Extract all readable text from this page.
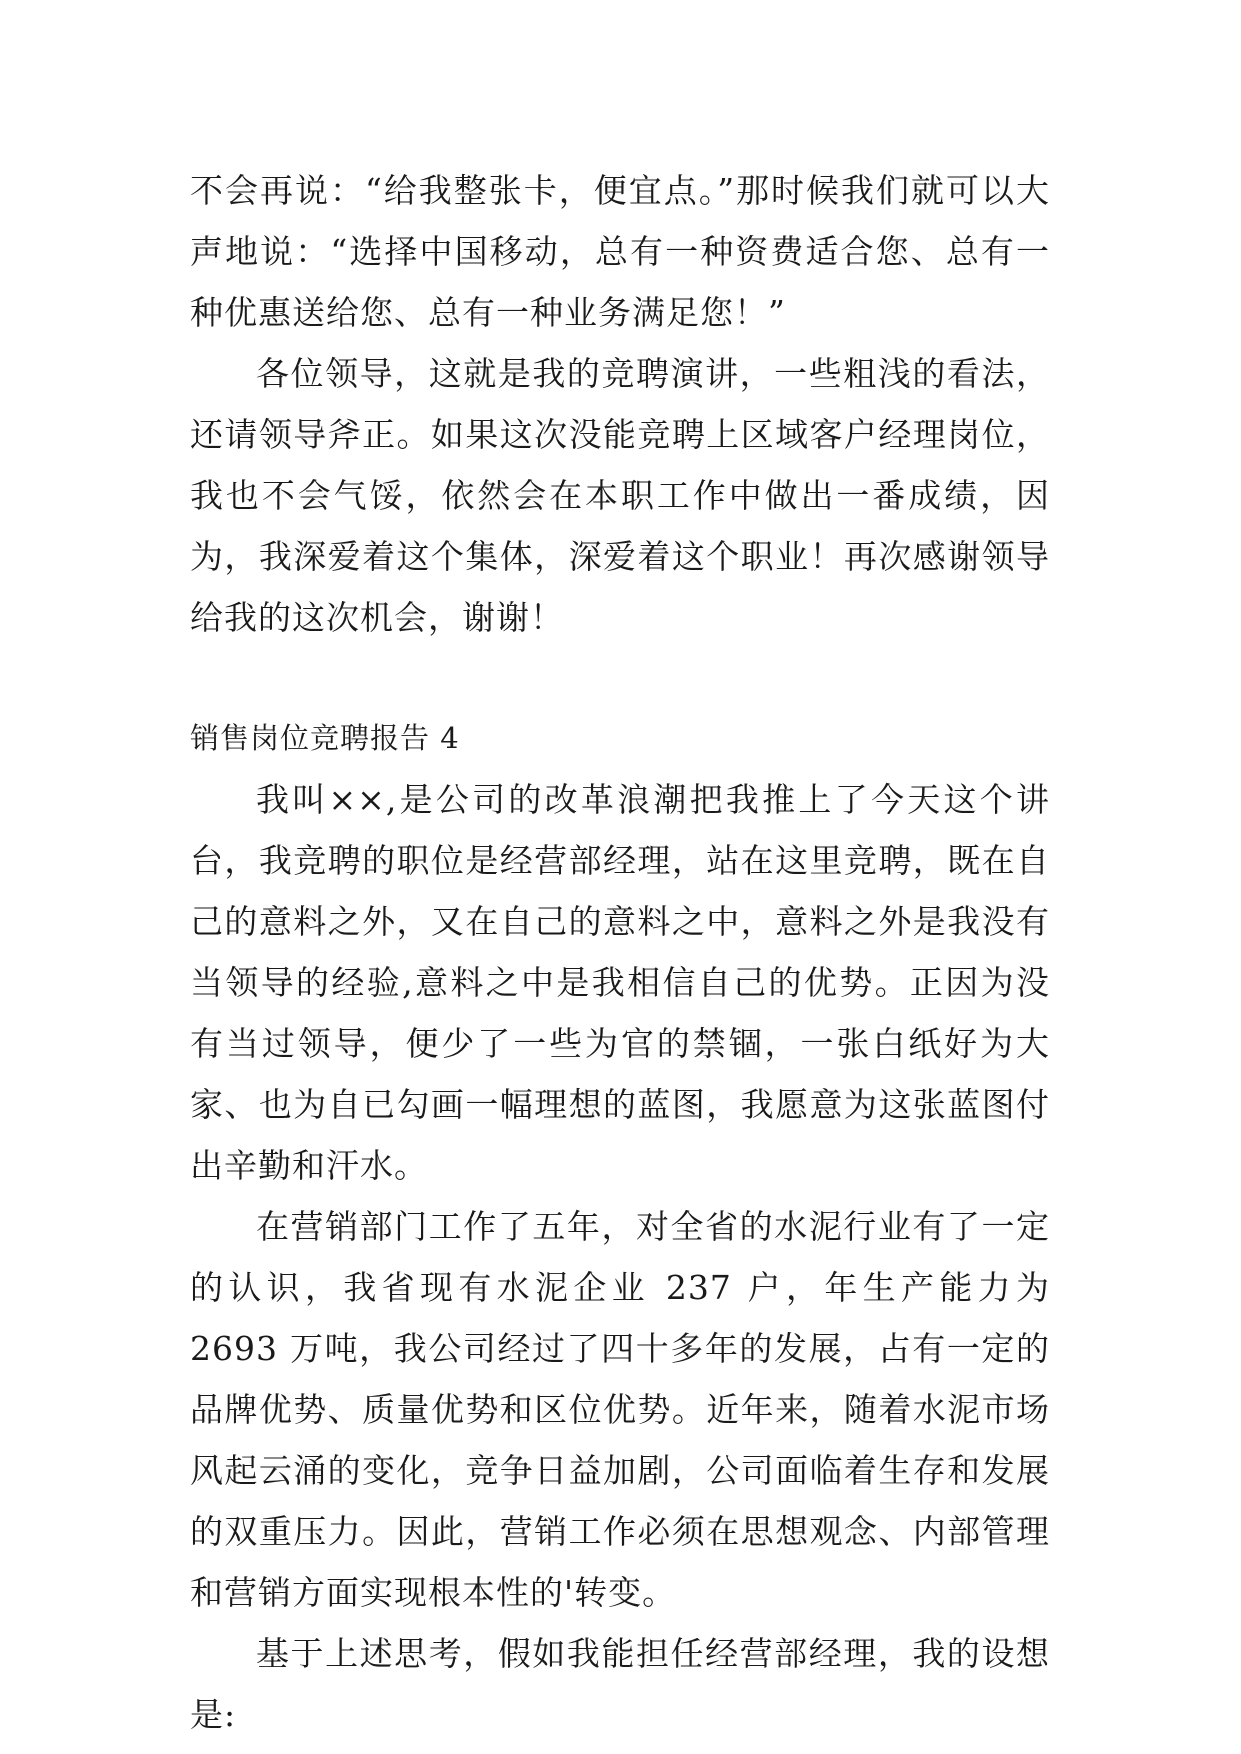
不会再说：“给我整张卡，便宜点。”那时候我们就可以大声地说：“选择中国移动，总有一种资费适合您、总有一种优惠送给您、总有一种业务满足您！”

各位领导，这就是我的竞聘演讲，一些粗浅的看法，还请领导斧正。如果这次没能竞聘上区域客户经理岗位，我也不会气馁，依然会在本职工作中做出一番成绩，因为，我深爱着这个集体，深爱着这个职业！再次感谢领导给我的这次机会，谢谢！

销售岗位竞聘报告 4

我叫××,是公司的改革浪潮把我推上了今天这个讲台，我竞聘的职位是经营部经理，站在这里竞聘，既在自己的意料之外，又在自己的意料之中，意料之外是我没有当领导的经验,意料之中是我相信自己的优势。正因为没有当过领导，便少了一些为官的禁锢，一张白纸好为大家、也为自已勾画一幅理想的蓝图，我愿意为这张蓝图付出辛勤和汗水。

在营销部门工作了五年，对全省的水泥行业有了一定的认识，我省现有水泥企业 237 户，年生产能力为 2693 万吨，我公司经过了四十多年的发展，占有一定的品牌优势、质量优势和区位优势。近年来，随着水泥市场风起云涌的变化，竞争日益加剧，公司面临着生存和发展的双重压力。因此，营销工作必须在思想观念、内部管理和营销方面实现根本性的'转变。

基于上述思考，假如我能担任经营部经理，我的设想是:
